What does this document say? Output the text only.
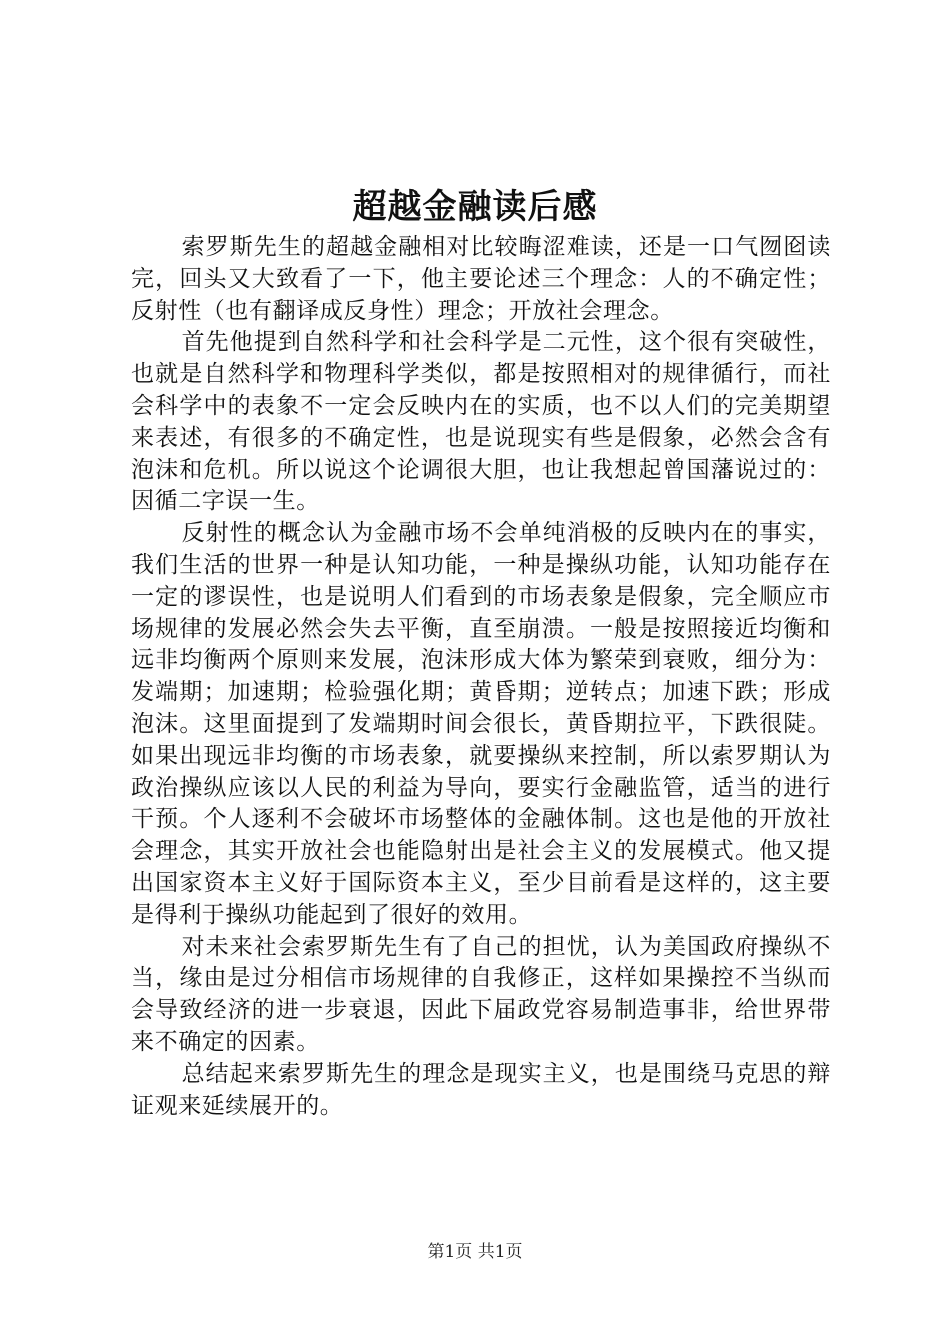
超越金融读后感

索罗斯先生的超越金融相对比较晦涩难读，还是一口气囫囵读完，回头又大致看了一下，他主要论述三个理念：人的不确定性；反射性（也有翻译成反身性）理念；开放社会理念。

首先他提到自然科学和社会科学是二元性，这个很有突破性，也就是自然科学和物理科学类似，都是按照相对的规律循行，而社会科学中的表象不一定会反映内在的实质，也不以人们的完美期望来表述，有很多的不确定性，也是说现实有些是假象，必然会含有泡沫和危机。所以说这个论调很大胆，也让我想起曾国藩说过的：因循二字误一生。

反射性的概念认为金融市场不会单纯消极的反映内在的事实，我们生活的世界一种是认知功能，一种是操纵功能，认知功能存在一定的谬误性，也是说明人们看到的市场表象是假象，完全顺应市场规律的发展必然会失去平衡，直至崩溃。一般是按照接近均衡和远非均衡两个原则来发展，泡沫形成大体为繁荣到衰败，细分为：发端期；加速期；检验强化期；黄昏期；逆转点；加速下跌；形成泡沫。这里面提到了发端期时间会很长，黄昏期拉平，下跌很陡。如果出现远非均衡的市场表象，就要操纵来控制，所以索罗期认为政治操纵应该以人民的利益为导向，要实行金融监管，适当的进行干预。个人逐利不会破坏市场整体的金融体制。这也是他的开放社会理念，其实开放社会也能隐射出是社会主义的发展模式。他又提出国家资本主义好于国际资本主义，至少目前看是这样的，这主要是得利于操纵功能起到了很好的效用。

对未来社会索罗斯先生有了自己的担忧，认为美国政府操纵不当，缘由是过分相信市场规律的自我修正，这样如果操控不当纵而会导致经济的进一步衰退，因此下届政党容易制造事非，给世界带来不确定的因素。

总结起来索罗斯先生的理念是现实主义，也是围绕马克思的辩证观来延续展开的。

第1页 共1页
